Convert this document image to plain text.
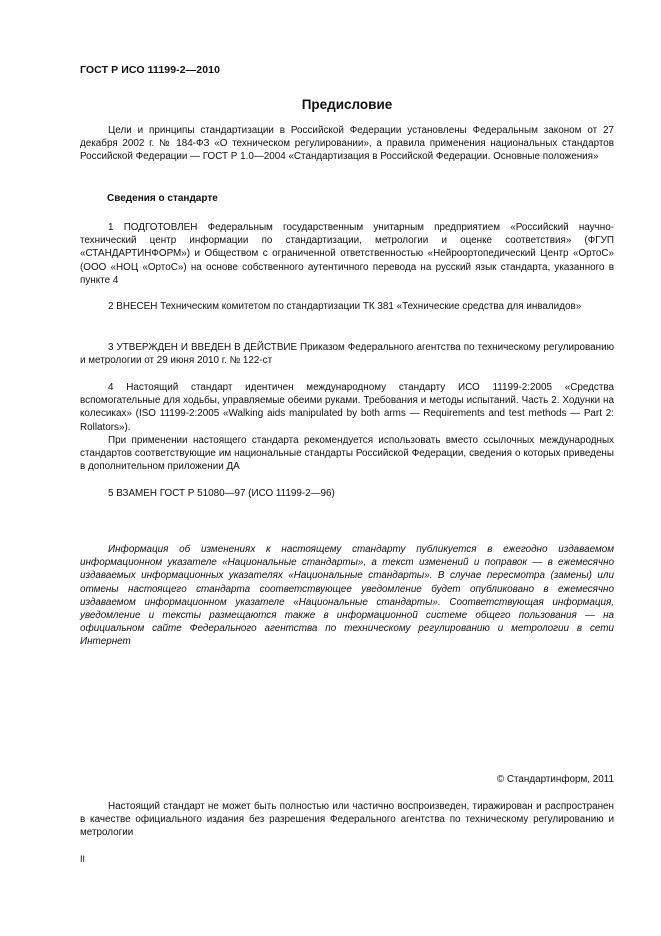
ГОСТ Р ИСО 11199-2—2010
Предисловие

Цели и принципы стандартизации в Российской Федерации установлены Федеральным законом от 27 декабря 2002 г. № 184-ФЗ «О техническом регулировании», а правила применения национальных стандартов Российской Федерации — ГОСТ Р 1.0—2004 «Стандартизация в Российской Федерации. Основные положения»

Сведения о стандарте

1 ПОДГОТОВЛЕН Федеральным государственным унитарным предприятием «Российский научно-технический центр информации по стандартизации, метрологии и оценке соответствия» (ФГУП «СТАНДАРТИНФОРМ») и Обществом с ограниченной ответственностью «Нейроортопедический Центр «ОртоС» (ООО «НОЦ «ОртоС») на основе собственного аутентичного перевода на русский язык стандарта, указанного в пункте 4

2 ВНЕСЕН Техническим комитетом по стандартизации ТК 381 «Технические средства для инвалидов»

3 УТВЕРЖДЕН И ВВЕДЕН В ДЕЙСТВИЕ Приказом Федерального агентства по техническому регулированию и метрологии от 29 июня 2010 г. № 122-ст

4 Настоящий стандарт идентичен международному стандарту ИСО 11199-2:2005 «Средства вспомогательные для ходьбы, управляемые обеими руками. Требования и методы испытаний. Часть 2. Ходунки на колесиках» (ISO 11199-2:2005 «Walking aids manipulated by both arms — Requirements and test methods — Part 2: Rollators»).

При применении настоящего стандарта рекомендуется использовать вместо ссылочных международных стандартов соответствующие им национальные стандарты Российской Федерации, сведения о которых приведены в дополнительном приложении ДА

5 ВЗАМЕН ГОСТ Р 51080—97 (ИСО 11199-2—96)

Информация об изменениях к настоящему стандарту публикуется в ежегодно издаваемом информационном указателе «Национальные стандарты», а текст изменений и поправок — в ежемесячно издаваемых информационных указателях «Национальные стандарты». В случае пересмотра (замены) или отмены настоящего стандарта соответствующее уведомление будет опубликовано в ежемесячно издаваемом информационном указателе «Национальные стандарты». Соответствующая информация, уведомление и тексты размещаются также в информационной системе общего пользования — на официальном сайте Федерального агентства по техническому регулированию и метрологии в сети Интернет

© Стандартинформ, 2011

Настоящий стандарт не может быть полностью или частично воспроизведен, тиражирован и распространен в качестве официального издания без разрешения Федерального агентства по техническому регулированию и метрологии

II
